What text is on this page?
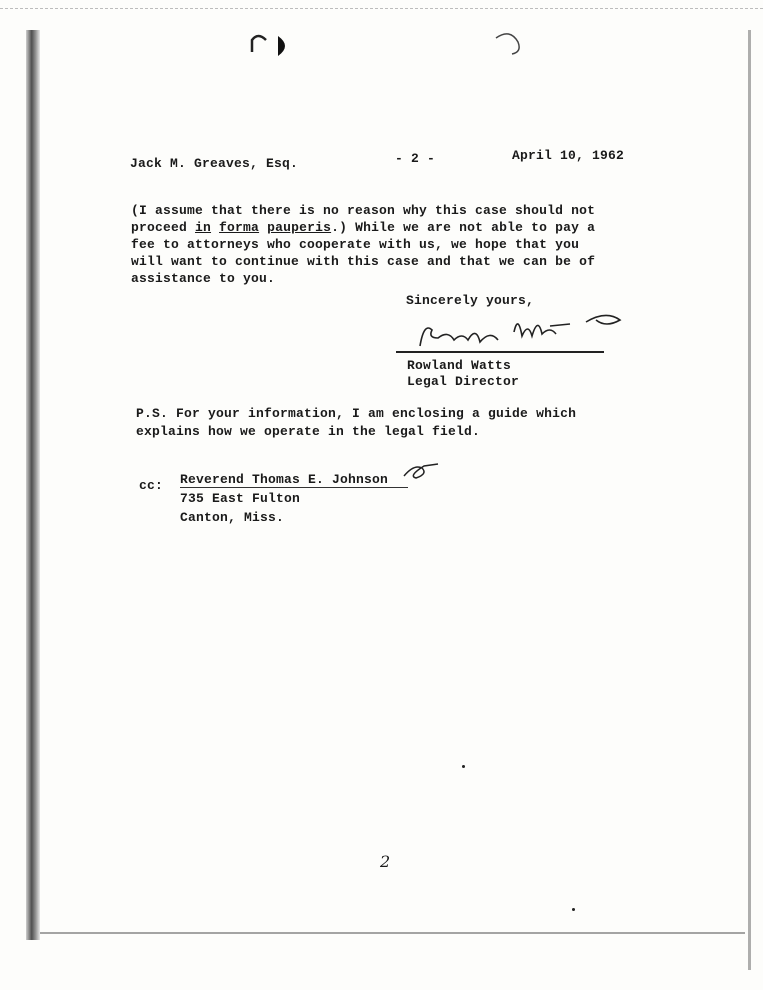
Jack M. Greaves, Esq.	- 2 -	April 10, 1962
(I assume that there is no reason why this case should not
proceed in forma pauperis.) While we are not able to pay a
fee to attorneys who cooperate with us, we hope that you
will want to continue with this case and that we can be of
assistance to you.
Sincerely yours,
Rowland Watts
Legal Director
P.S. For your information, I am enclosing a guide which
explains how we operate in the legal field.
cc: Reverend Thomas E. Johnson
735 East Fulton
Canton, Miss.
2
